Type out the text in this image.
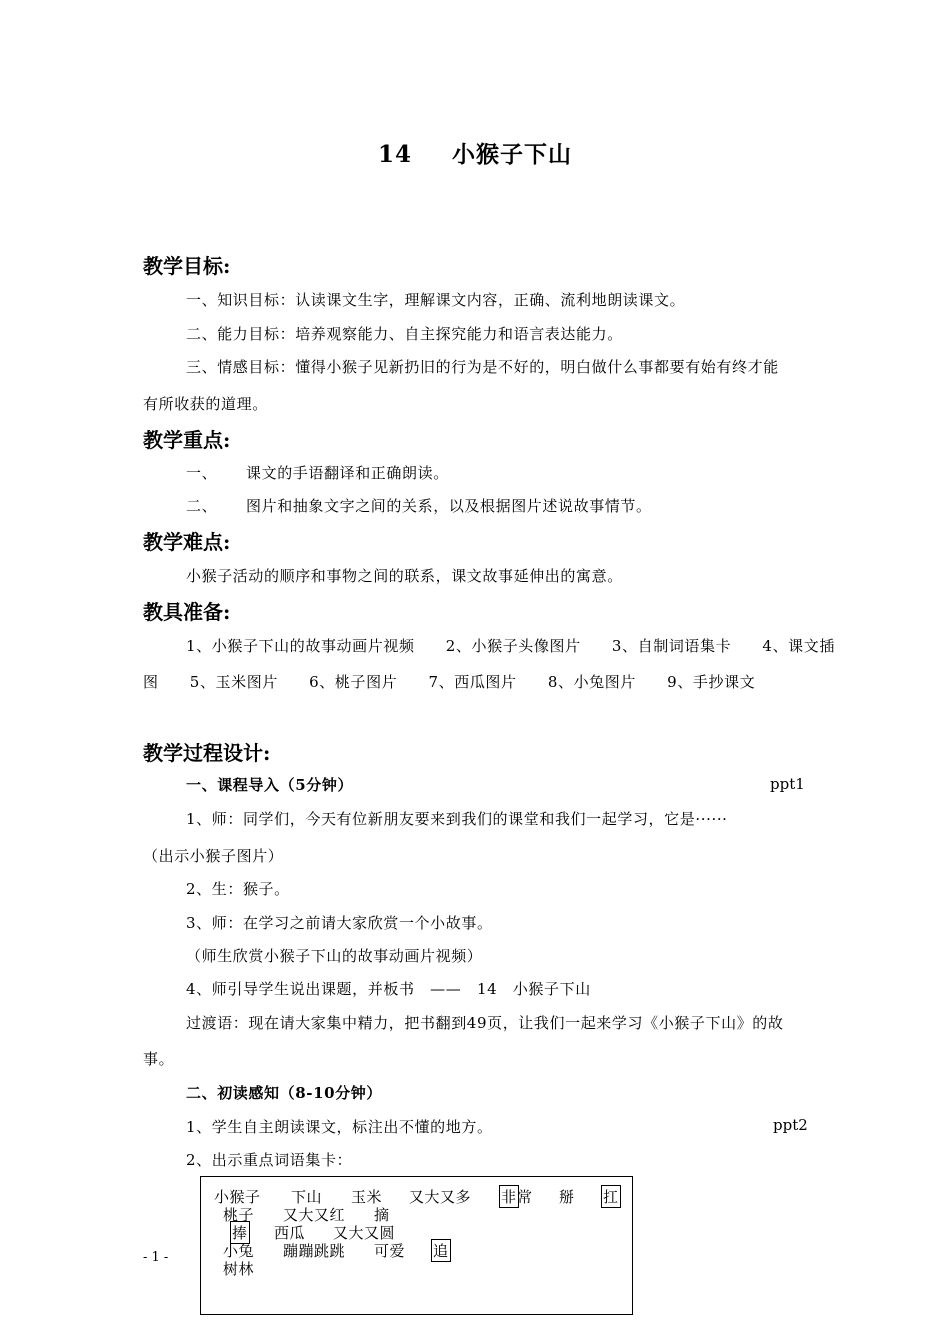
14 小猴子下山
教学目标:
一、知识目标：认读课文生字，理解课文内容，正确、流利地朗读课文。
二、能力目标：培养观察能力、自主探究能力和语言表达能力。
三、情感目标：懂得小猴子见新扔旧的行为是不好的，明白做什么事都要有始有终才能
有所收获的道理。
教学重点:
一、 课文的手语翻译和正确朗读。
二、 图片和抽象文字之间的关系，以及根据图片述说故事情节。
教学难点:
小猴子活动的顺序和事物之间的联系，课文故事延伸出的寓意。
教具准备:
1、小猴子下山的故事动画片视频　　2、小猴子头像图片　　3、自制词语集卡　　4、课文插
图　　5、玉米图片　　6、桃子图片　　7、西瓜图片　　8、小兔图片　　9、手抄课文
教学过程设计:
一、课程导入（5分钟）	ppt1
1、师：同学们，今天有位新朋友要来到我们的课堂和我们一起学习，它是······
（出示小猴子图片）
2、生：猴子。
3、师：在学习之前请大家欣赏一个小故事。
（师生欣赏小猴子下山的故事动画片视频）
4、师引导学生说出课题，并板书　——　14　小猴子下山
过渡语：现在请大家集中精力，把书翻到49页，让我们一起来学习《小猴子下山》的故
事。
二、初读感知（8-10分钟）
1、学生自主朗读课文，标注出不懂的地方。	ppt2
2、出示重点词语集卡：
小猴子 下山 玉米 又大又多 非 常 掰 扛
桃子 又大又红 摘
捧 西瓜 又大又圆
小兔 蹦蹦跳跳 可爱 追
树林
- 1 -
